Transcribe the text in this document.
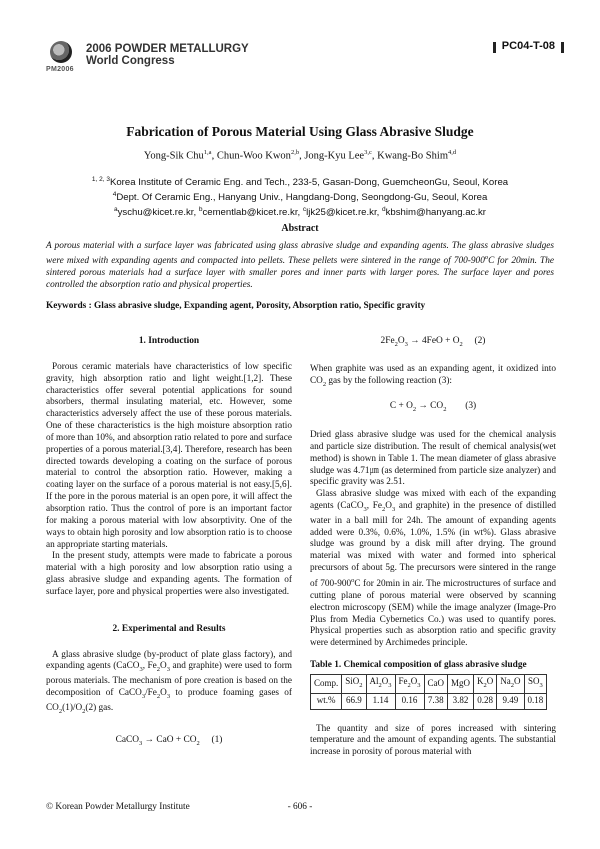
PM2006
2006 POWDER METALLURGY
World Congress
PC04-T-08
Fabrication of Porous Material Using Glass Abrasive Sludge
Yong-Sik Chu$^{1,a}$, Chun-Woo Kwon$^{2,b}$, Jong-Kyu Lee$^{3,c}$, Kwang-Bo Shim$^{4,d}$
$^{1, 2, 3}$Korea Institute of Ceramic Eng. and Tech., 233-5, Gasan-Dong, GuemcheonGu, Seoul, Korea
$^4$Dept. Of Ceramic Eng., Hanyang Univ., Hangdang-Dong, Seongdong-Gu, Seoul, Korea
$^a$yschu@kicet.re.kr, $^b$cementlab@kicet.re.kr, $^c$ljk25@kicet.re.kr, $^d$kbshim@hanyang.ac.kr
Abstract
A porous material with a surface layer was fabricated using glass abrasive sludge and expanding agents. The glass abrasive sludges were mixed with expanding agents and compacted into pellets. These pellets were sintered in the range of 700-900$^o$C for 20min. The sintered porous materials had a surface layer with smaller pores and inner parts with larger pores. The surface layer and pores controlled the absorption ratio and physical properties.
Keywords : Glass abrasive sludge, Expanding agent, Porosity, Absorption ratio, Specific gravity
1. Introduction

Porous ceramic materials have characteristics of low specific gravity, high absorption ratio and light weight.[1,2]. These characteristics offer several potential applications for sound absorbers, thermal insulating material, etc. However, some characteristics adversely affect the use of these porous materials. One of these characteristics is the high moisture absorption ratio of more than 10%, and absorption ratio related to pore and surface properties of a porous material.[3,4]. Therefore, research has been directed towards developing a coating on the surface of porous material to control the absorption ratio. However, making a coating layer on the surface of a porous material is not easy.[5,6]. If the pore in the porous material is an open pore, it will affect the absorption ratio. Thus the control of pore is an important factor for making a porous material with low absorptivity. One of the ways to obtain high porosity and low absorption ratio is to choose an appropriate starting materials.

In the present study, attempts were made to fabricate a porous material with a high porosity and low absorption ratio using a glass abrasive sludge and expanding agents. The formation of surface layer, pore and physical properties were also investigated.

2. Experimental and Results

A glass abrasive sludge (by-product of plate glass factory), and expanding agents (CaCO$_3$, $Fe_2O_3$ and graphite) were used to form porous materials. The mechanism of pore creation is based on the decomposition of $CaCO_3/Fe_2O_3$ to produce foaming gases of $CO_2(1)/O_2(2)$ gas.

CaCO$_3$ → CaO + $CO_2$ (1)
$2Fe_2O_3 \to 4FeO + O_2$ (2)

When graphite was used as an expanding agent, it oxidized into $CO_2$ gas by the following reaction (3):

$C + O_2 \to CO_2$ (3)

Dried glass abrasive sludge was used for the chemical analysis and particle size distribution. The result of chemical analysis(wet method) is shown in Table 1. The mean diameter of glass abrasive sludge was 4.71㎛ (as determined from particle size analyzer) and specific gravity was 2.51.

Glass abrasive sludge was mixed with each of the expanding agents (CaCO$_3$, $Fe_2O_3$ and graphite) in the presence of distilled water in a ball mill for 24h. The amount of expanding agents added were 0.3%, 0.6%, 1.0%, 1.5% (in wt%). Glass abrasive sludge was ground by a disk mill after drying. The ground material was mixed with water and formed into spherical precursors of about 5g. The precursors were sintered in the range of 700-900$^o$C for 20min in air. The microstructures of surface and cutting plane of porous material were observed by scanning electron microscopy (SEM) while the image analyzer (Image-Pro Plus from Media Cybernetics Co.) was used to quantify pores. Physical properties such as absorption ratio and specific gravity were determined by Archimedes principle.

Table 1. Chemical composition of glass abrasive sludge
Comp.	SiO$_2$	$Al_2O_3$	$Fe_2O_3$	CaO	MgO	$K_2O$	$Na_2O$	$SO_3$
wt.%	66.9	1.14	0.16	7.38	3.82	0.28	9.49	0.18

The quantity and size of pores increased with sintering temperature and the amount of expanding agents. The substantial increase in porosity of porous material with

© Korean Powder Metallurgy Institute	- 606 -
